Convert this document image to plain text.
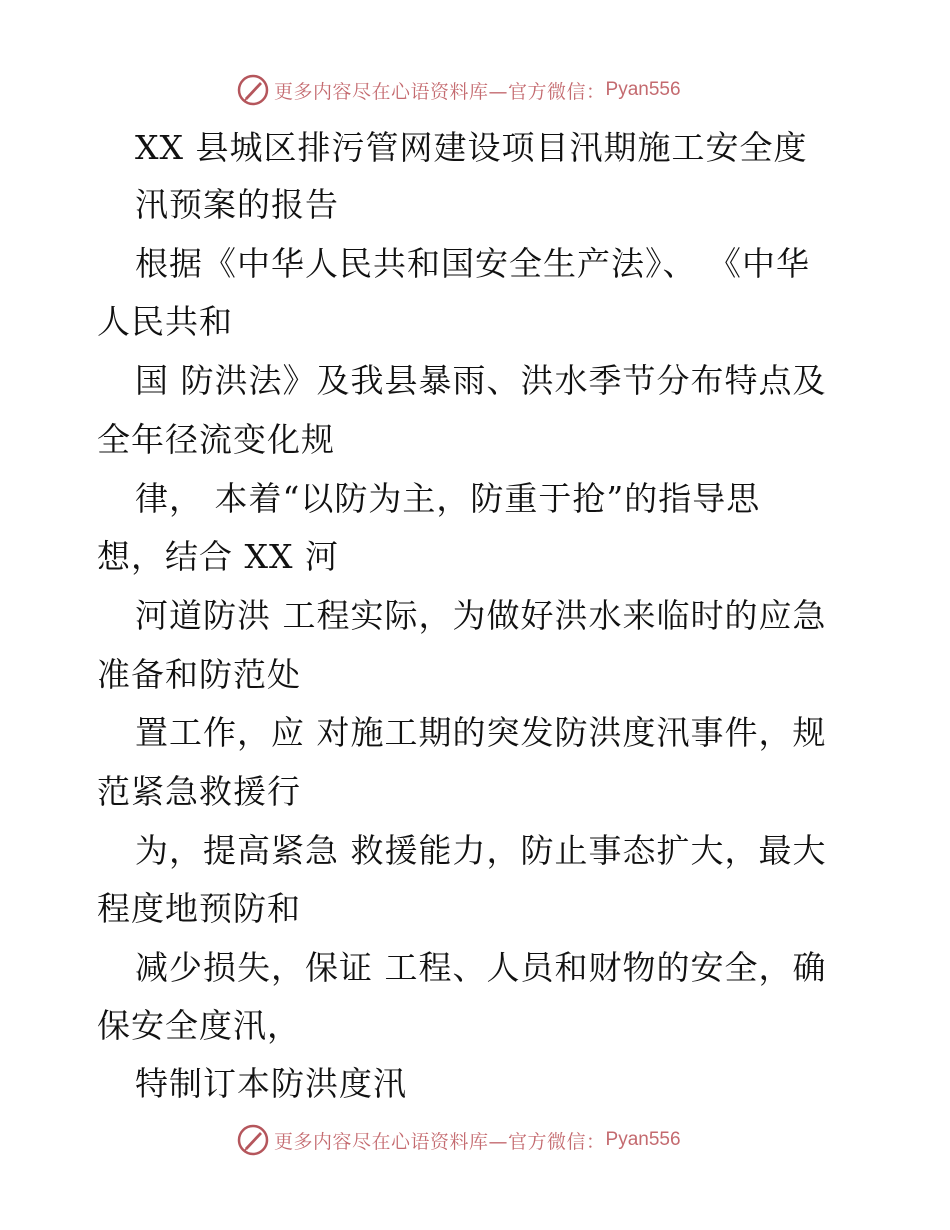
更多内容尽在心语资料库—官方微信： Pyan556

XX 县城区排污管网建设项目汛期施工安全度

汛预案的报告

根据《中华人民共和国安全生产法》、 《中华

人民共和

国 防洪法》及我县暴雨、洪水季节分布特点及

全年径流变化规

律， 本着“以防为主，防重于抢”的指导思

想，结合 XX 河

河道防洪 工程实际，为做好洪水来临时的应急

准备和防范处

置工作，应 对施工期的突发防洪度汛事件，规

范紧急救援行

为，提高紧急 救援能力，防止事态扩大，最大

程度地预防和

减少损失，保证 工程、人员和财物的安全，确

保安全度汛，

特制订本防洪度汛

更多内容尽在心语资料库—官方微信： Pyan556
